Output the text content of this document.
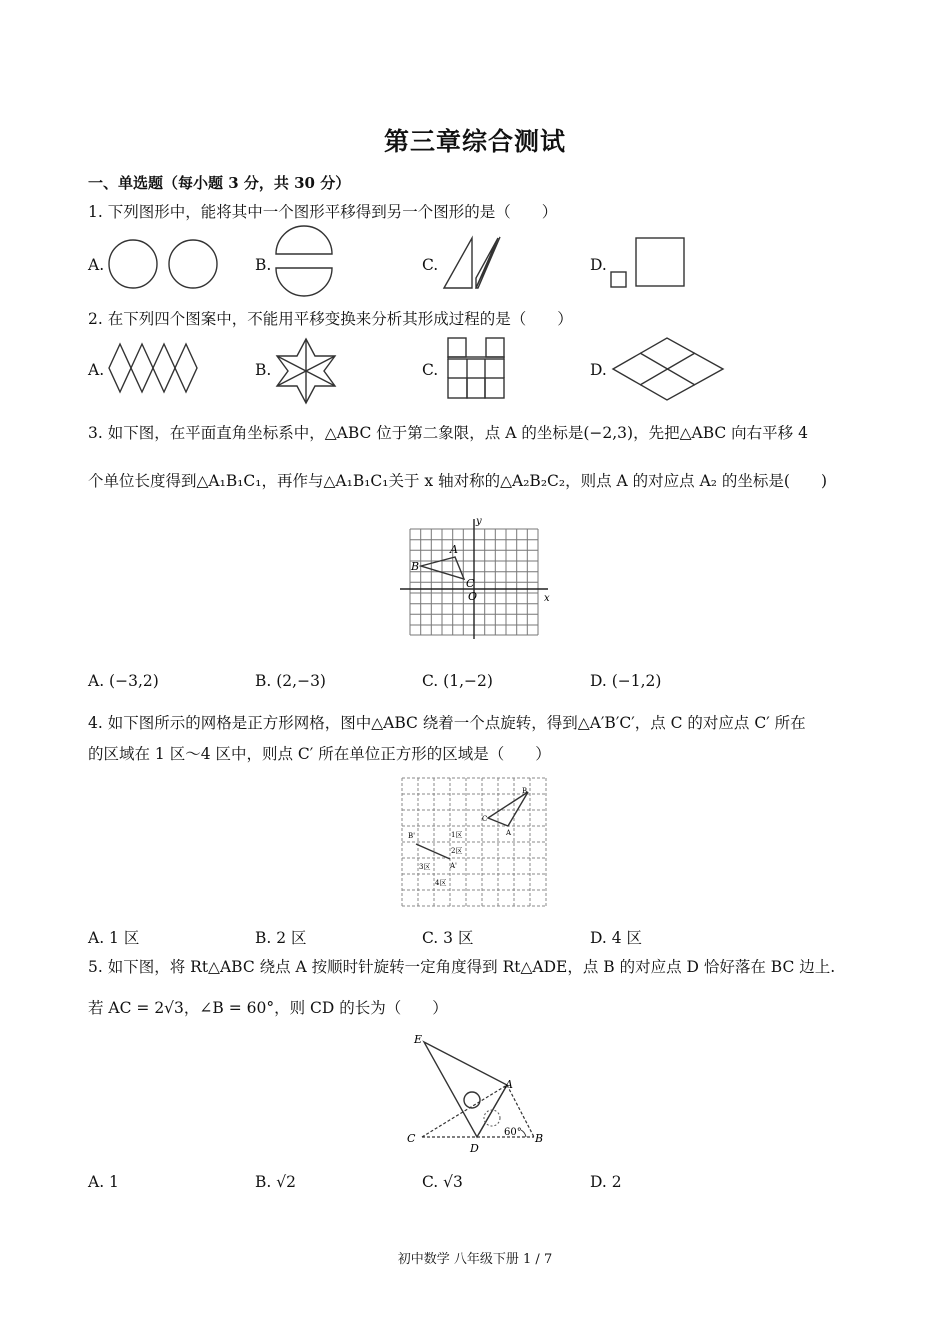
第三章综合测试
一、单选题（每小题 3 分，共 30 分）
1. 下列图形中，能将其中一个图形平移得到另一个图形的是（　　）
A.	B.	C.	D.
2. 在下列四个图案中，不能用平移变换来分析其形成过程的是（　　）
A.	B.	C.	D.
3. 如下图，在平面直角坐标系中，△ABC 位于第二象限，点 A 的坐标是(−2,3)，先把△ABC 向右平移 4
个单位长度得到△A₁B₁C₁，再作与△A₁B₁C₁关于 x 轴对称的△A₂B₂C₂，则点 A 的对应点 A₂ 的坐标是(　　)
y
x
A
B
C
O
A. (−3,2)	B. (2,−3)	C. (1,−2)	D. (−1,2)
4. 如下图所示的网格是正方形网格，图中△ABC 绕着一个点旋转，得到△A′B′C′，点 C 的对应点 C′ 所在
的区域在 1 区～4 区中，则点 C′ 所在单位正方形的区域是（　　）
B
A
C
B'
A'
1区
2区
3区
4区
A. 1 区	B. 2 区	C. 3 区	D. 4 区
5. 如下图，将 Rt△ABC 绕点 A 按顺时针旋转一定角度得到 Rt△ADE，点 B 的对应点 D 恰好落在 BC 边上.
若 AC = 2√3，∠B = 60°，则 CD 的长为（　　）
E
A
C
D
B
60°
A. 1	B. √2	C. √3	D. 2
初中数学 八年级下册 1 / 7
